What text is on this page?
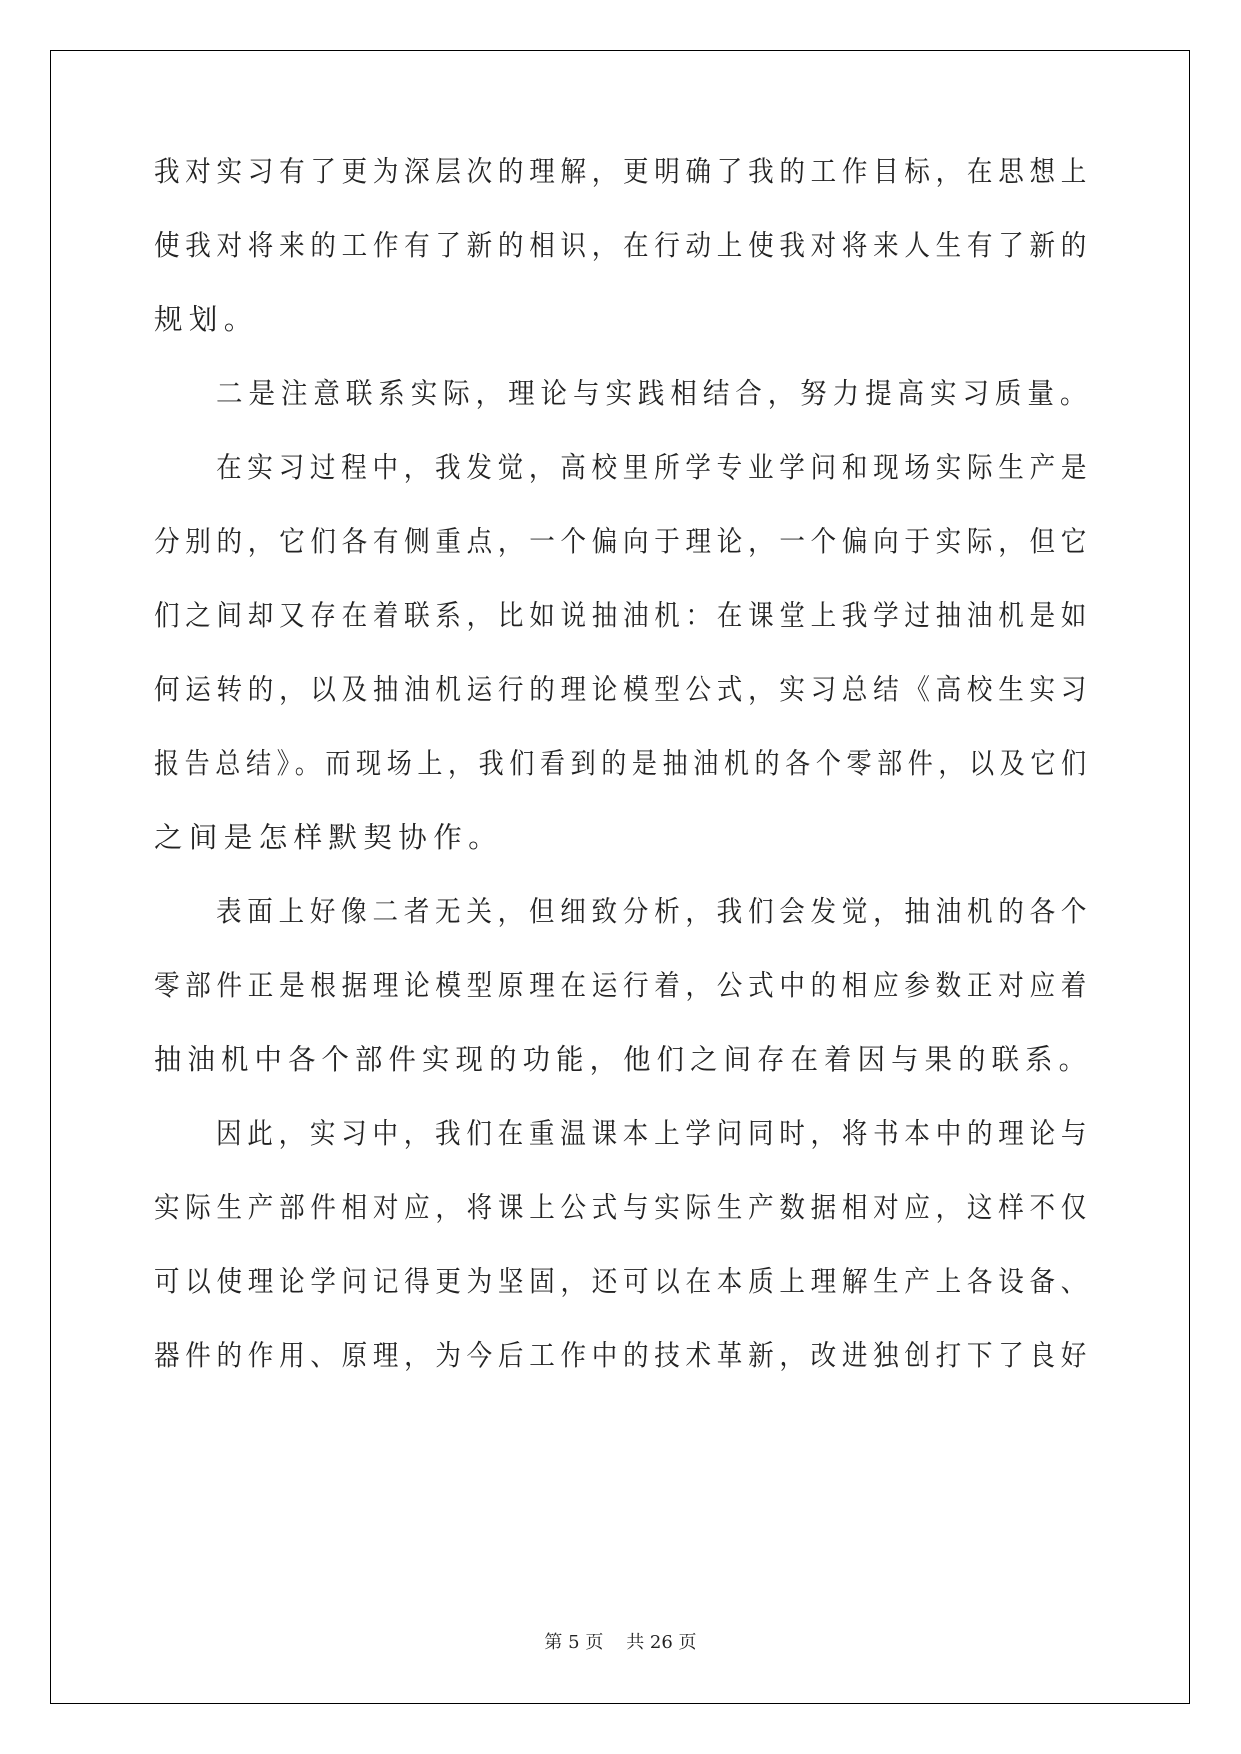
我对实习有了更为深层次的理解，更明确了我的工作目标，在思想上
使我对将来的工作有了新的相识，在行动上使我对将来人生有了新的
规划。
二是注意联系实际，理论与实践相结合，努力提高实习质量。
在实习过程中，我发觉，高校里所学专业学问和现场实际生产是
分别的，它们各有侧重点，一个偏向于理论，一个偏向于实际，但它
们之间却又存在着联系，比如说抽油机：在课堂上我学过抽油机是如
何运转的，以及抽油机运行的理论模型公式，实习总结《高校生实习
报告总结》。而现场上，我们看到的是抽油机的各个零部件，以及它们
之间是怎样默契协作。
表面上好像二者无关，但细致分析，我们会发觉，抽油机的各个
零部件正是根据理论模型原理在运行着，公式中的相应参数正对应着
抽油机中各个部件实现的功能，他们之间存在着因与果的联系。
因此，实习中，我们在重温课本上学问同时，将书本中的理论与
实际生产部件相对应，将课上公式与实际生产数据相对应，这样不仅
可以使理论学问记得更为坚固，还可以在本质上理解生产上各设备、
器件的作用、原理，为今后工作中的技术革新，改进独创打下了良好
第 5 页    共 26 页
